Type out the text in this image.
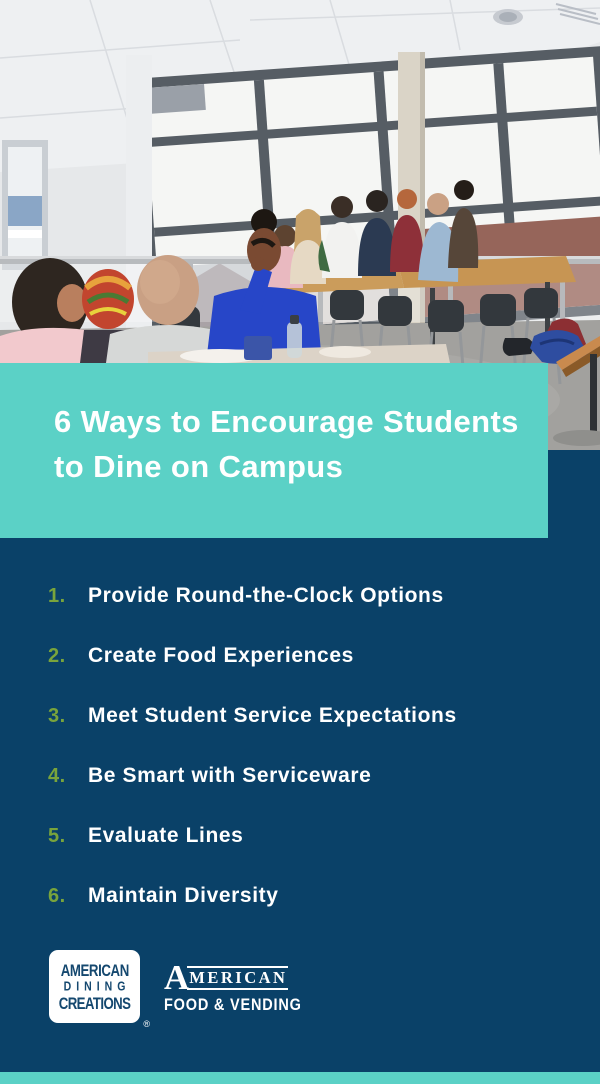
6 Ways to Encourage Students to Dine on Campus
1.	Provide Round-the-Clock Options
2.	Create Food Experiences
3.	Meet Student Service Expectations
4.	Be Smart with Serviceware
5.	Evaluate Lines
6.	Maintain Diversity
AMERICAN
DINING
CREATIONS
®
A MERICAN
FOOD & VENDING
